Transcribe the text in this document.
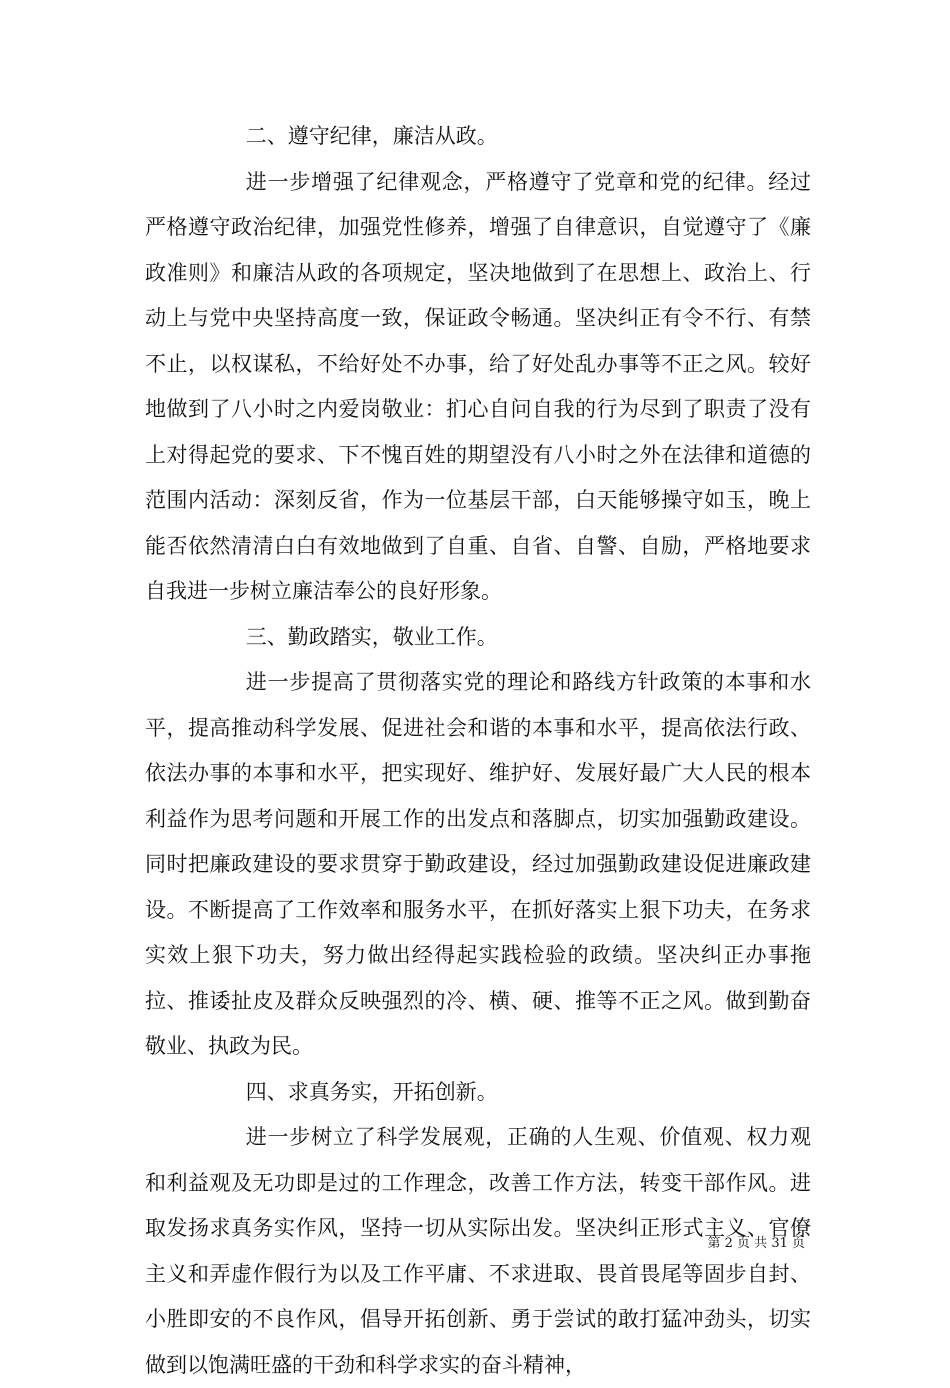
二、遵守纪律，廉洁从政。

进一步增强了纪律观念，严格遵守了党章和党的纪律。经过严格遵守政治纪律，加强党性修养，增强了自律意识，自觉遵守了《廉政准则》和廉洁从政的各项规定，坚决地做到了在思想上、政治上、行动上与党中央坚持高度一致，保证政令畅通。坚决纠正有令不行、有禁不止，以权谋私，不给好处不办事，给了好处乱办事等不正之风。较好地做到了八小时之内爱岗敬业：扪心自问自我的行为尽到了职责了没有上对得起党的要求、下不愧百姓的期望没有八小时之外在法律和道德的范围内活动：深刻反省，作为一位基层干部，白天能够操守如玉，晚上能否依然清清白白有效地做到了自重、自省、自警、自励，严格地要求自我进一步树立廉洁奉公的良好形象。

三、勤政踏实，敬业工作。

进一步提高了贯彻落实党的理论和路线方针政策的本事和水平，提高推动科学发展、促进社会和谐的本事和水平，提高依法行政、依法办事的本事和水平，把实现好、维护好、发展好最广大人民的根本利益作为思考问题和开展工作的出发点和落脚点，切实加强勤政建设。同时把廉政建设的要求贯穿于勤政建设，经过加强勤政建设促进廉政建设。不断提高了工作效率和服务水平，在抓好落实上狠下功夫，在务求实效上狠下功夫，努力做出经得起实践检验的政绩。坚决纠正办事拖拉、推诿扯皮及群众反映强烈的冷、横、硬、推等不正之风。做到勤奋敬业、执政为民。

四、求真务实，开拓创新。

进一步树立了科学发展观，正确的人生观、价值观、权力观和利益观及无功即是过的工作理念，改善工作方法，转变干部作风。进取发扬求真务实作风，坚持一切从实际出发。坚决纠正形式主义、官僚主义和弄虚作假行为以及工作平庸、不求进取、畏首畏尾等固步自封、小胜即安的不良作风，倡导开拓创新、勇于尝试的敢打猛冲劲头，切实做到以饱满旺盛的干劲和科学求实的奋斗精神，

第 2 页 共 31 页
